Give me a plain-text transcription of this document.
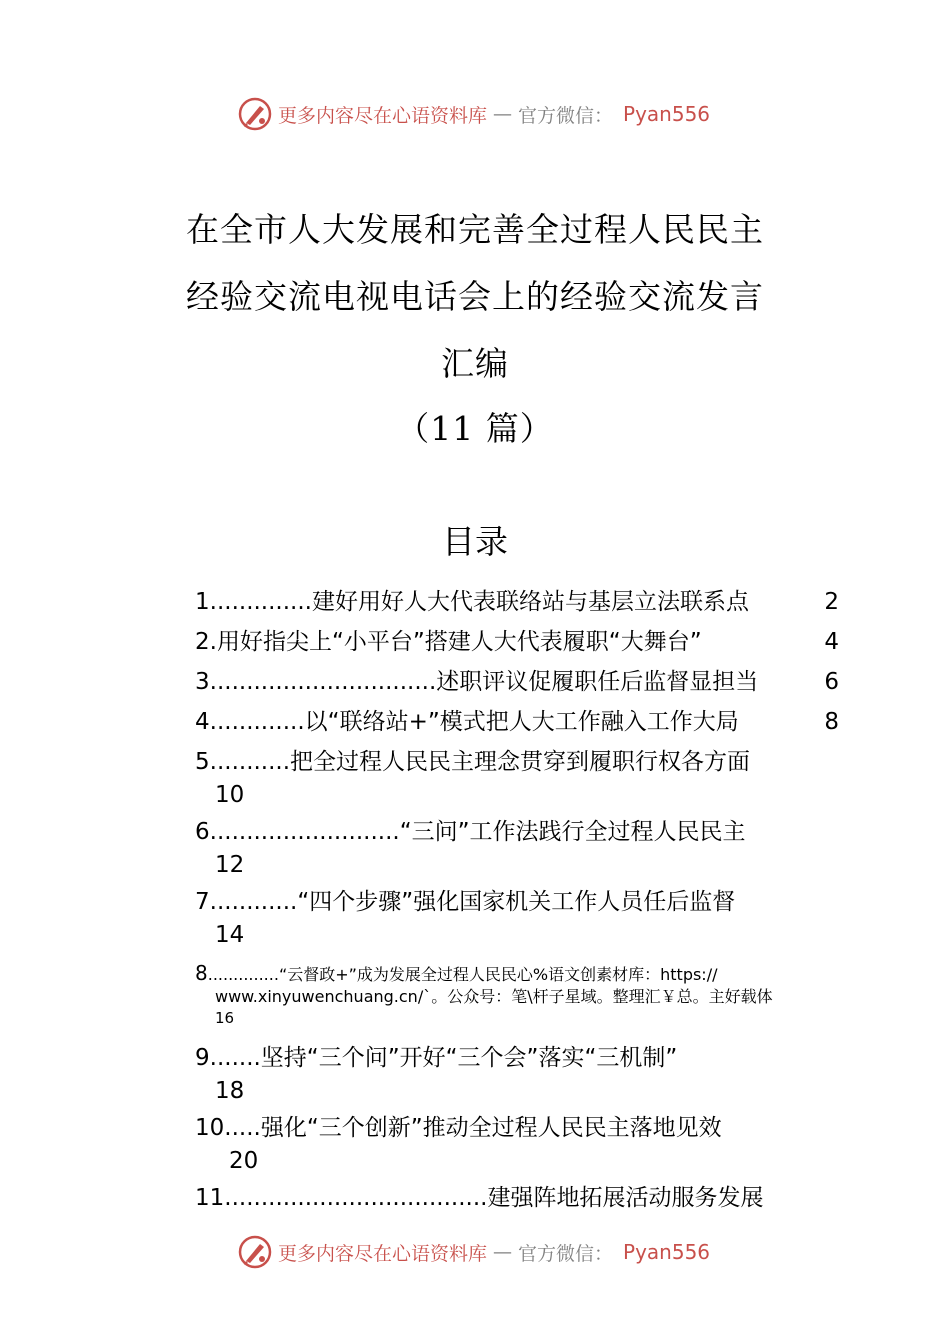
更多内容尽在心语资料库 — 官方微信： Pyan556
在全市人大发展和完善全过程人民民主
经验交流电视电话会上的经验交流发言
汇编
（11 篇）
目录
1..............建好用好人大代表联络站与基层立法联系点	2
2.用好指尖上“小平台”搭建人大代表履职“大舞台”	4
3...............................述职评议促履职任后监督显担当	6
4.............以“联络站+”模式把人大工作融入工作大局	8
5...........把全过程人民民主理念贯穿到履职行权各方面
10
6..........................“三问”工作法践行全过程人民民主
12
7............“四个步骤”强化国家机关工作人员任后监督
14
8..............“云督政+”成为发展全过程人民民心%语文创素材库：https://
www.xinyuwenchuang.cn/`。公众号：笔\杆子星域。整理汇￥总。主好载体
16
9.......坚持“三个问”开好“三个会”落实“三机制”
18
10.....强化“三个创新”推动全过程人民民主落地见效
20
11....................................建强阵地拓展活动服务发展
更多内容尽在心语资料库 — 官方微信： Pyan556
